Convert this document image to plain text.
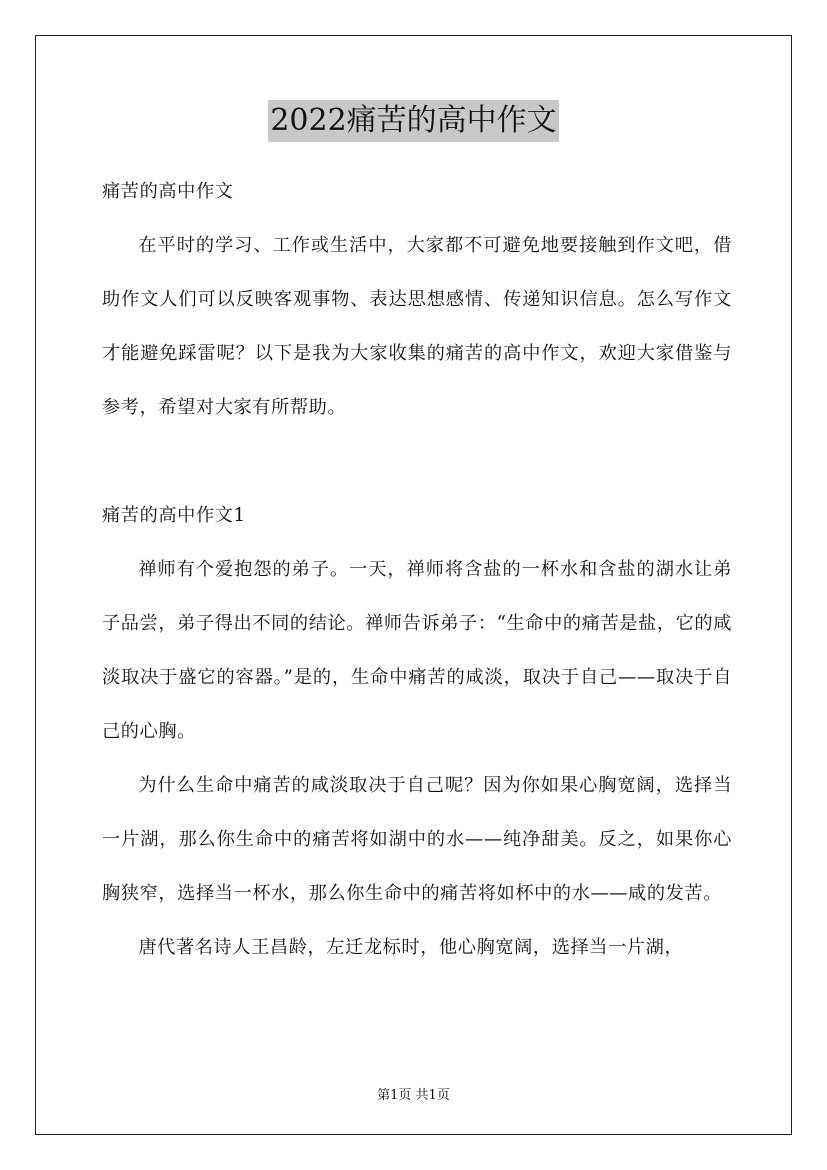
2022痛苦的高中作文

痛苦的高中作文

在平时的学习、工作或生活中，大家都不可避免地要接触到作文吧，借助作文人们可以反映客观事物、表达思想感情、传递知识信息。怎么写作文才能避免踩雷呢？以下是我为大家收集的痛苦的高中作文，欢迎大家借鉴与参考，希望对大家有所帮助。

痛苦的高中作文1

禅师有个爱抱怨的弟子。一天，禅师将含盐的一杯水和含盐的湖水让弟子品尝，弟子得出不同的结论。禅师告诉弟子：“生命中的痛苦是盐，它的咸淡取决于盛它的容器。”是的，生命中痛苦的咸淡，取决于自己——取决于自己的心胸。

为什么生命中痛苦的咸淡取决于自己呢？因为你如果心胸宽阔，选择当一片湖，那么你生命中的痛苦将如湖中的水——纯净甜美。反之，如果你心胸狭窄，选择当一杯水，那么你生命中的痛苦将如杯中的水——咸的发苦。

唐代著名诗人王昌龄，左迁龙标时，他心胸宽阔，选择当一片湖，

第1页 共1页
